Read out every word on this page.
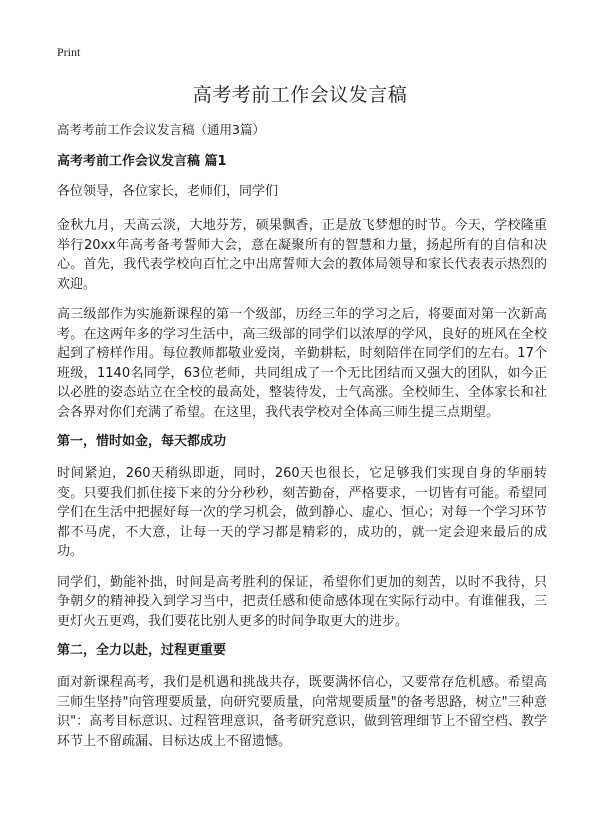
Print
高考考前工作会议发言稿

高考考前工作会议发言稿（通用3篇）

高考考前工作会议发言稿 篇1

各位领导，各位家长，老师们，同学们

金秋九月，天高云淡，大地芬芳，硕果飘香，正是放飞梦想的时节。今天，学校隆重举行20xx年高考备考誓师大会，意在凝聚所有的智慧和力量，扬起所有的自信和决心。首先，我代表学校向百忙之中出席誓师大会的教体局领导和家长代表表示热烈的欢迎。

高三级部作为实施新课程的第一个级部，历经三年的学习之后，将要面对第一次新高考。在这两年多的学习生活中，高三级部的同学们以浓厚的学风，良好的班风在全校起到了榜样作用。每位教师都敬业爱岗，辛勤耕耘，时刻陪伴在同学们的左右。17个班级，1140名同学，63位老师，共同组成了一个无比团结而又强大的团队，如今正以必胜的姿态站立在全校的最高处，整装待发，士气高涨。全校师生、全体家长和社会各界对你们充满了希望。在这里，我代表学校对全体高三师生提三点期望。

第一，惜时如金，每天都成功

时间紧迫，260天稍纵即逝，同时，260天也很长，它足够我们实现自身的华丽转变。只要我们抓住接下来的分分秒秒，刻苦勤奋，严格要求，一切皆有可能。希望同学们在生活中把握好每一次的学习机会，做到静心、虚心、恒心；对每一个学习环节都不马虎，不大意，让每一天的学习都是精彩的，成功的，就一定会迎来最后的成功。

同学们，勤能补拙，时间是高考胜利的保证，希望你们更加的刻苦，以时不我待，只争朝夕的精神投入到学习当中，把责任感和使命感体现在实际行动中。有谁催我，三更灯火五更鸡，我们要花比别人更多的时间争取更大的进步。

第二，全力以赴，过程更重要

面对新课程高考，我们是机遇和挑战共存，既要满怀信心，又要常存危机感。希望高三师生坚持"向管理要质量，向研究要质量，向常规要质量"的备考思路，树立"三种意识"：高考目标意识、过程管理意识，备考研究意识，做到管理细节上不留空档、教学环节上不留疏漏、目标达成上不留遗憾。
